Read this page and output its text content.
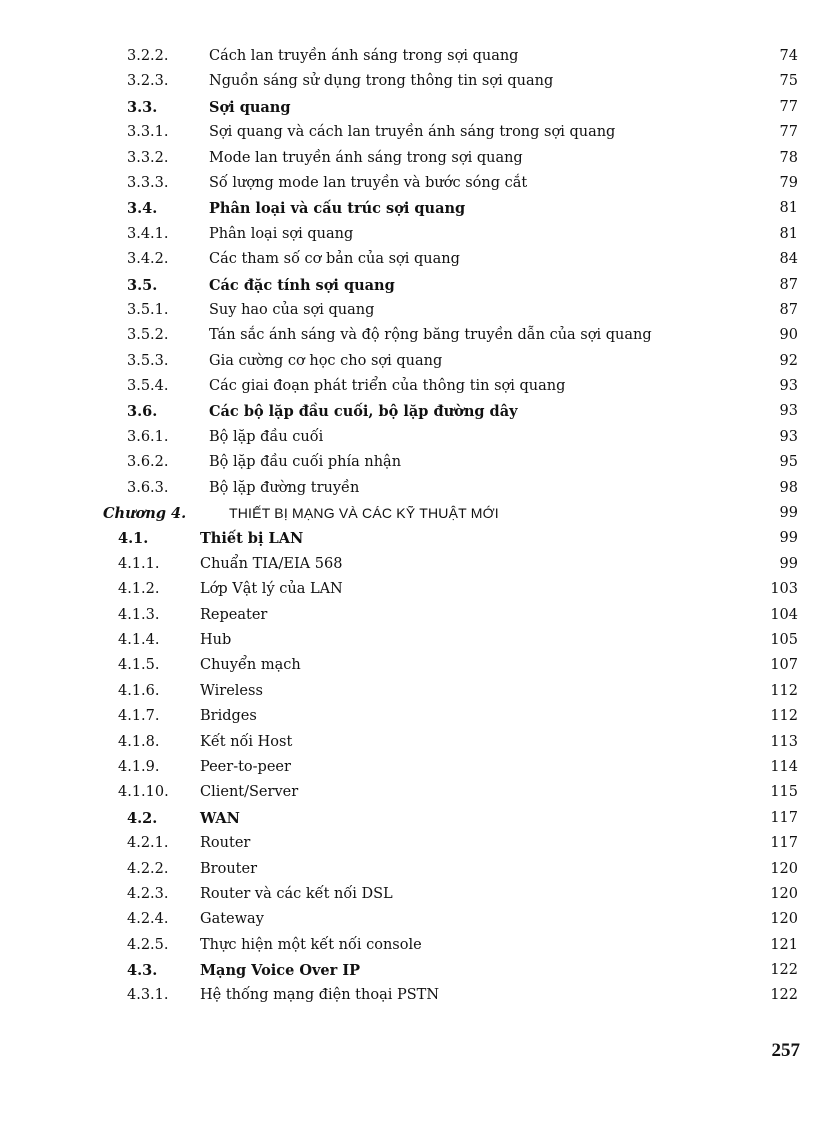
3.2.2.	Cách lan truyền ánh sáng trong sợi quang	74
3.2.3.	Nguồn sáng sử dụng trong thông tin sợi quang	75
3.3.	Sợi quang	77
3.3.1.	Sợi quang và cách lan truyền ánh sáng trong sợi quang	77
3.3.2.	Mode lan truyền ánh sáng trong sợi quang	78
3.3.3.	Số lượng mode lan truyền và bước sóng cắt	79
3.4.	Phân loại và cấu trúc sợi quang	81
3.4.1.	Phân loại sợi quang	81
3.4.2.	Các tham số cơ bản của sợi quang	84
3.5.	Các đặc tính sợi quang	87
3.5.1.	Suy hao của sợi quang	87
3.5.2.	Tán sắc ánh sáng và độ rộng băng truyền dẫn của sợi quang	90
3.5.3.	Gia cường cơ học cho sợi quang	92
3.5.4.	Các giai đoạn phát triển của thông tin sợi quang	93
3.6.	Các bộ lặp đầu cuối, bộ lặp đường dây	93
3.6.1.	Bộ lặp đầu cuối	93
3.6.2.	Bộ lặp đầu cuối phía nhận	95
3.6.3.	Bộ lặp đường truyền	98
Chương 4.	THIẾT BỊ MẠNG VÀ CÁC KỸ THUẬT MỚI	99
4.1.	Thiết bị LAN	99
4.1.1.	Chuẩn TIA/EIA 568	99
4.1.2.	Lớp Vật lý của LAN	103
4.1.3.	Repeater	104
4.1.4.	Hub	105
4.1.5.	Chuyển mạch	107
4.1.6.	Wireless	112
4.1.7.	Bridges	112
4.1.8.	Kết nối Host	113
4.1.9.	Peer-to-peer	114
4.1.10. Client/Server	115
4.2.	WAN	117
4.2.1. Router	117
4.2.2. Brouter	120
4.2.3. Router và các kết nối DSL	120
4.2.4. Gateway	120
4.2.5. Thực hiện một kết nối console	121
4.3.	Mạng Voice Over IP	122
4.3.1. Hệ thống mạng điện thoại PSTN	122
257
